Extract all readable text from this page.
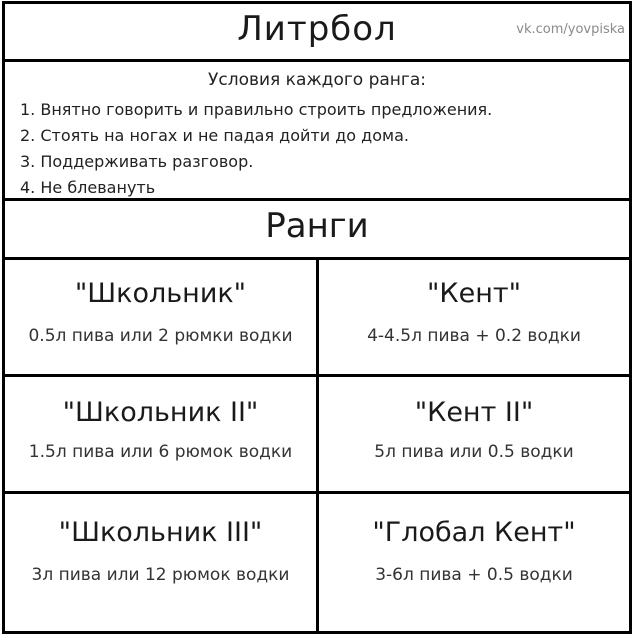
Литрбол	vk.com/yovpiska
Условия каждого ранга:
1. Внятно говорить и правильно строить предложения.
2. Стоять на ногах и не падая дойти до дома.
3. Поддерживать разговор.
4. Не блевануть
Ранги
"Школьник"
0.5л пива или 2 рюмки водки
"Кент"
4-4.5л пива + 0.2 водки
"Школьник II"
1.5л пива или 6 рюмок водки
"Кент II"
5л пива или 0.5 водки
"Школьник III"
3л пива или 12 рюмок водки
"Глобал Кент"
3-6л пива + 0.5 водки
